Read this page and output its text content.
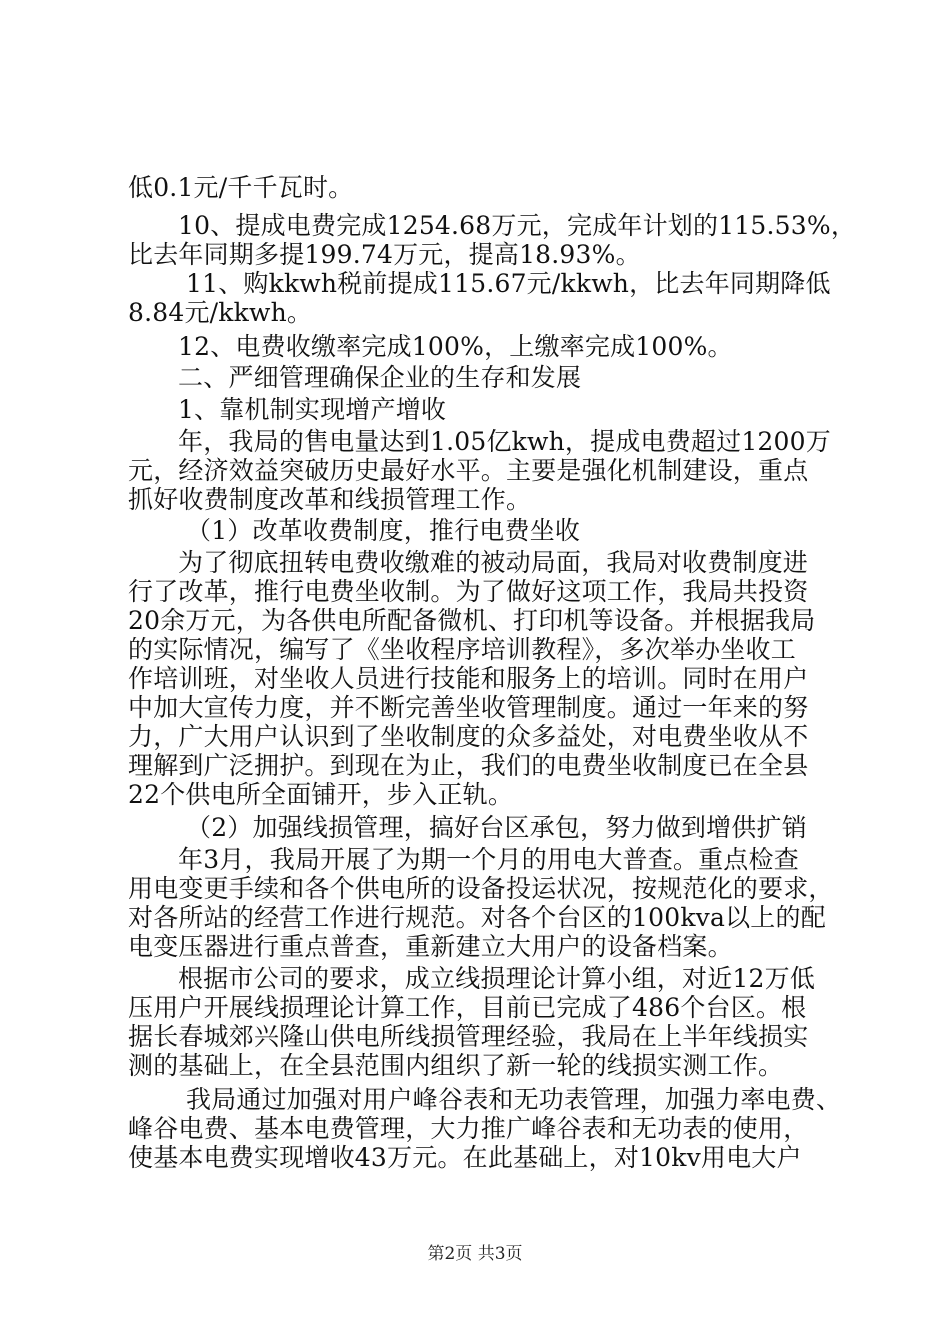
低0.1元/千千瓦时。
10、提成电费完成1254.68万元，完成年计划的115.53%，
比去年同期多提199.74万元，提高18.93%。
11、购kkwh税前提成115.67元/kkwh，比去年同期降低
8.84元/kkwh。
12、电费收缴率完成100%，上缴率完成100%。
二、严细管理确保企业的生存和发展
1、靠机制实现增产增收
年，我局的售电量达到1.05亿kwh，提成电费超过1200万
元，经济效益突破历史最好水平。主要是强化机制建设，重点
抓好收费制度改革和线损管理工作。
（1）改革收费制度，推行电费坐收
为了彻底扭转电费收缴难的被动局面，我局对收费制度进
行了改革，推行电费坐收制。为了做好这项工作，我局共投资
20余万元，为各供电所配备微机、打印机等设备。并根据我局
的实际情况，编写了《坐收程序培训教程》，多次举办坐收工
作培训班，对坐收人员进行技能和服务上的培训。同时在用户
中加大宣传力度，并不断完善坐收管理制度。通过一年来的努
力，广大用户认识到了坐收制度的众多益处，对电费坐收从不
理解到广泛拥护。到现在为止，我们的电费坐收制度已在全县
22个供电所全面铺开，步入正轨。
（2）加强线损管理，搞好台区承包，努力做到增供扩销
年3月，我局开展了为期一个月的用电大普查。重点检查
用电变更手续和各个供电所的设备投运状况，按规范化的要求，
对各所站的经营工作进行规范。对各个台区的100kva以上的配
电变压器进行重点普查，重新建立大用户的设备档案。
根据市公司的要求，成立线损理论计算小组，对近12万低
压用户开展线损理论计算工作，目前已完成了486个台区。根
据长春城郊兴隆山供电所线损管理经验，我局在上半年线损实
测的基础上，在全县范围内组织了新一轮的线损实测工作。
我局通过加强对用户峰谷表和无功表管理，加强力率电费、
峰谷电费、基本电费管理，大力推广峰谷表和无功表的使用，
使基本电费实现增收43万元。在此基础上，对10kv用电大户
第2页 共3页
